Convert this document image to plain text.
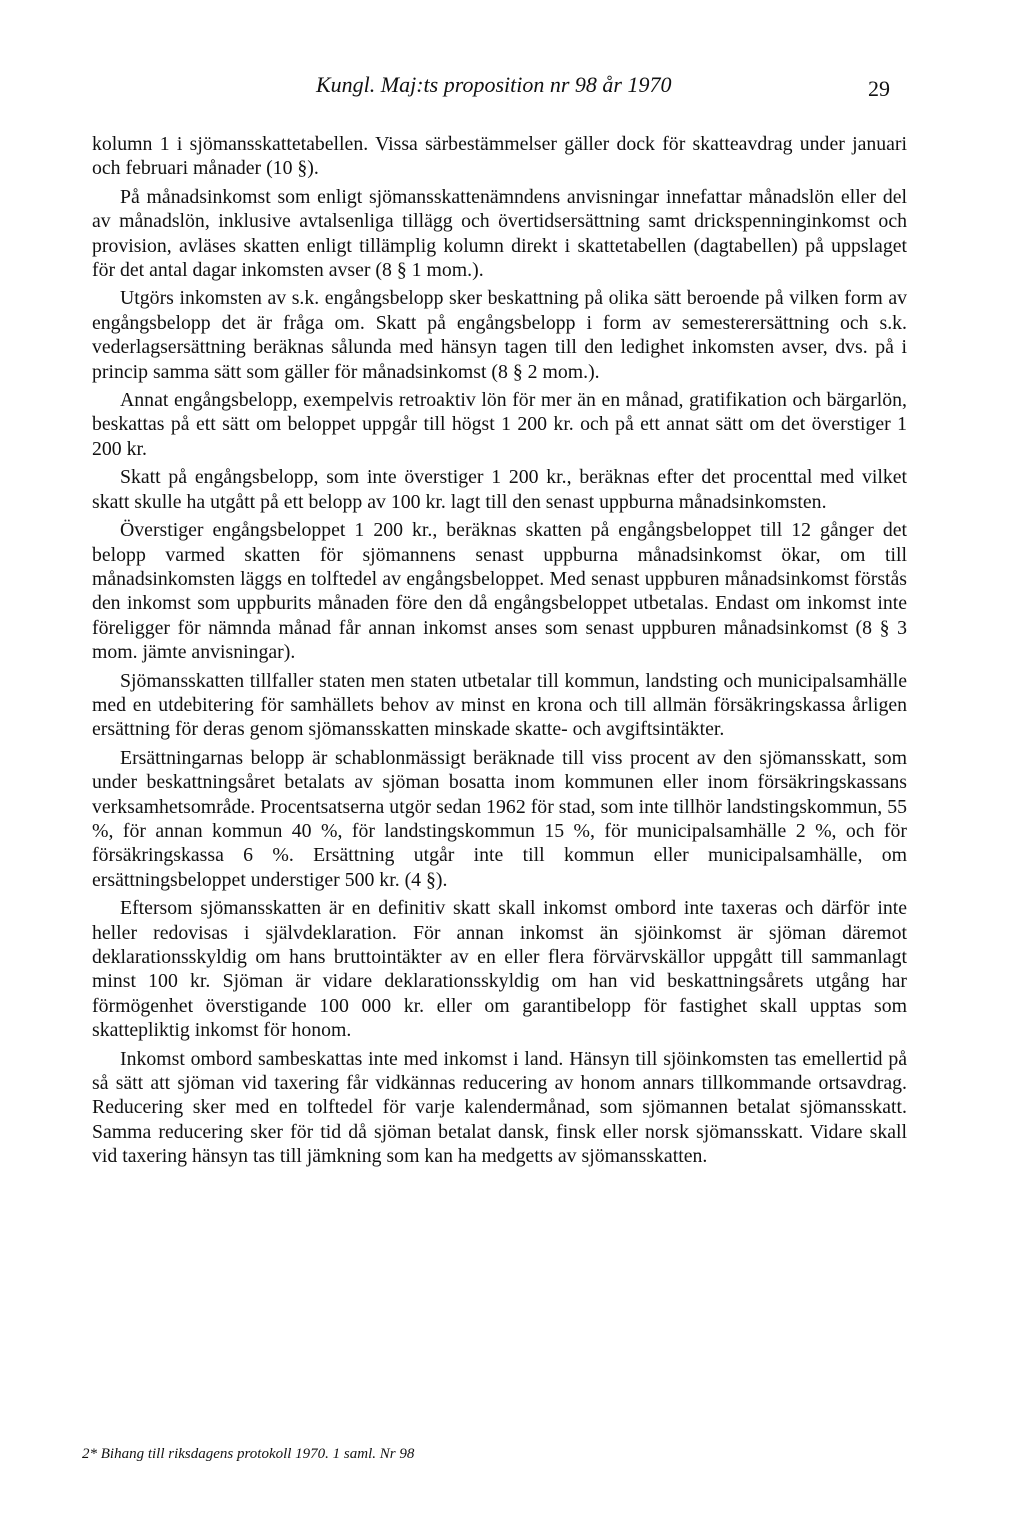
Kungl. Maj:ts proposition nr 98 år 1970	29

kolumn 1 i sjömansskattetabellen. Vissa särbestämmelser gäller dock för skatteavdrag under januari och februari månader (10 §).

På månadsinkomst som enligt sjömansskattenämndens anvisningar innefattar månadslön eller del av månadslön, inklusive avtalsenliga tillägg och övertidsersättning samt drickspenninginkomst och provision, avläses skatten enligt tillämplig kolumn direkt i skattetabellen (dagtabellen) på uppslaget för det antal dagar inkomsten avser (8 § 1 mom.).

Utgörs inkomsten av s.k. engångsbelopp sker beskattning på olika sätt beroende på vilken form av engångsbelopp det är fråga om. Skatt på engångsbelopp i form av semesterersättning och s.k. vederlagsersättning beräknas sålunda med hänsyn tagen till den ledighet inkomsten avser, dvs. på i princip samma sätt som gäller för månadsinkomst (8 § 2 mom.).

Annat engångsbelopp, exempelvis retroaktiv lön för mer än en månad, gratifikation och bärgarlön, beskattas på ett sätt om beloppet uppgår till högst 1 200 kr. och på ett annat sätt om det överstiger 1 200 kr.

Skatt på engångsbelopp, som inte överstiger 1 200 kr., beräknas efter det procenttal med vilket skatt skulle ha utgått på ett belopp av 100 kr. lagt till den senast uppburna månadsinkomsten.

Överstiger engångsbeloppet 1 200 kr., beräknas skatten på engångsbeloppet till 12 gånger det belopp varmed skatten för sjömannens senast uppburna månadsinkomst ökar, om till månadsinkomsten läggs en tolftedel av engångsbeloppet. Med senast uppburen månadsinkomst förstås den inkomst som uppburits månaden före den då engångsbeloppet utbetalas. Endast om inkomst inte föreligger för nämnda månad får annan inkomst anses som senast uppburen månadsinkomst (8 § 3 mom. jämte anvisningar).

Sjömansskatten tillfaller staten men staten utbetalar till kommun, landsting och municipalsamhälle med en utdebitering för samhällets behov av minst en krona och till allmän försäkringskassa årligen ersättning för deras genom sjömansskatten minskade skatte- och avgiftsintäkter.

Ersättningarnas belopp är schablonmässigt beräknade till viss procent av den sjömansskatt, som under beskattningsåret betalats av sjöman bosatta inom kommunen eller inom försäkringskassans verksamhetsområde. Procentsatserna utgör sedan 1962 för stad, som inte tillhör landstingskommun, 55 %, för annan kommun 40 %, för landstingskommun 15 %, för municipalsamhälle 2 %, och för försäkringskassa 6 %. Ersättning utgår inte till kommun eller municipalsamhälle, om ersättningsbeloppet understiger 500 kr. (4 §).

Eftersom sjömansskatten är en definitiv skatt skall inkomst ombord inte taxeras och därför inte heller redovisas i självdeklaration. För annan inkomst än sjöinkomst är sjöman däremot deklarationsskyldig om hans bruttointäkter av en eller flera förvärvskällor uppgått till sammanlagt minst 100 kr. Sjöman är vidare deklarationsskyldig om han vid beskattningsårets utgång har förmögenhet överstigande 100 000 kr. eller om garantibelopp för fastighet skall upptas som skattepliktig inkomst för honom.

Inkomst ombord sambeskattas inte med inkomst i land. Hänsyn till sjöinkomsten tas emellertid på så sätt att sjöman vid taxering får vidkännas reducering av honom annars tillkommande ortsavdrag. Reducering sker med en tolftedel för varje kalendermånad, som sjömannen betalat sjömansskatt. Samma reducering sker för tid då sjöman betalat dansk, finsk eller norsk sjömansskatt. Vidare skall vid taxering hänsyn tas till jämkning som kan ha medgetts av sjömansskatten.

2* Bihang till riksdagens protokoll 1970. 1 saml. Nr 98
